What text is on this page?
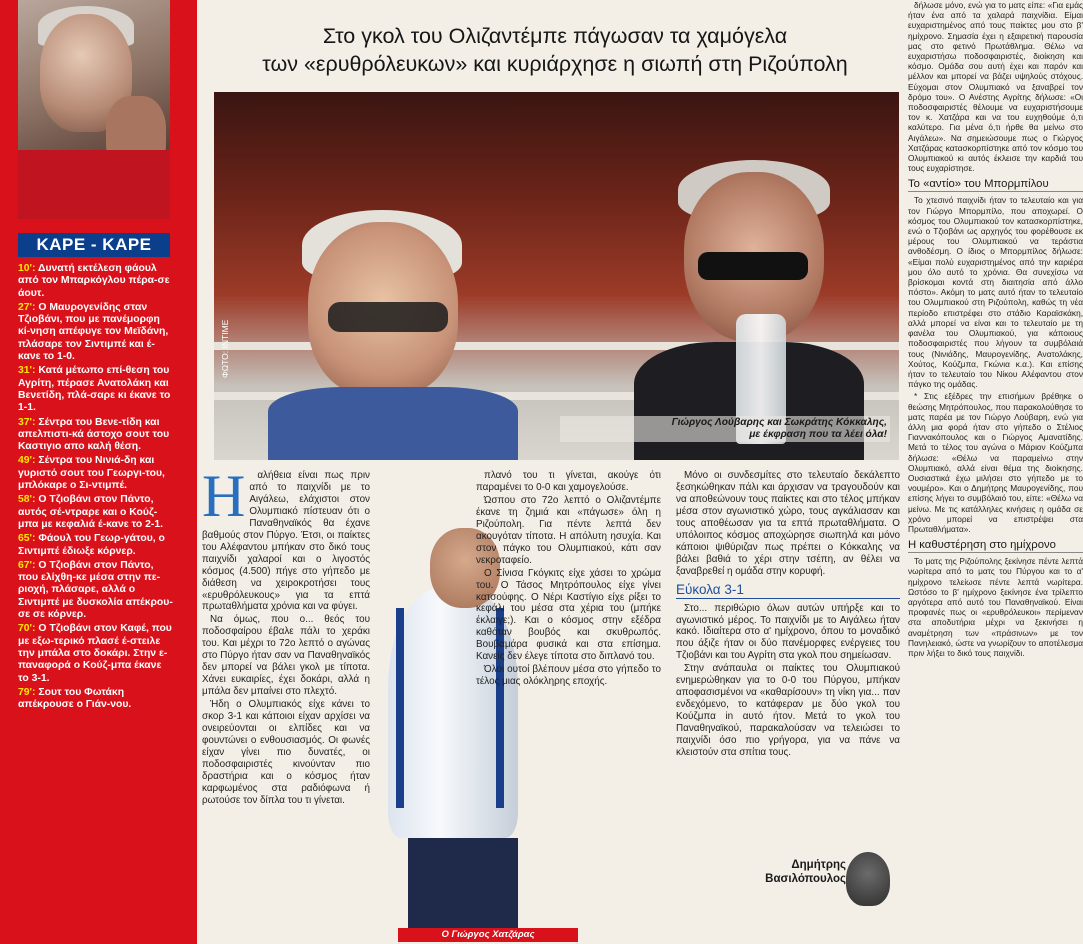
ΚΑΡΕ - ΚΑΡΕ
10': Δυνατή εκτέλεση φάουλ από τον Μπαρκόγλου πέρα-σε άουτ.
27': Ο Μαυρογενίδης σταν Τζιοβάνι, που με πανέμορφη κί-νηση απέφυγε τον Μεϊδάνη, πλάσαρε τον Σιντιμπέ και έ-κανε το 1-0.
31': Κατά μέτωπο επί-θεση του Αγρίτη, πέρασε Ανατολάκη και Βενετίδη, πλά-σαρε κι έκανε το 1-1.
37': Σέντρα του Βενε-τίδη και απελπιστι-κά άστοχο σουτ του Καστιγιο απο καλή θέση.
49': Σέντρα του Νινιά-δη και γυριστό σουτ του Γεωργι-του, μπλόκαρε ο Σι-ντιμπέ.
58': Ο Τζιοβάνι στον Πάντο, αυτός σέ-ντραρε και ο Κούζ-μπα με κεφαλιά έ-κανε το 2-1.
65': Φάουλ του Γεωρ-γάτου, ο Σιντιμπέ έδιωξε κόρνερ.
67': Ο Τζιοβάνι στον Πάντο, που ελίχθη-κε μέσα στην πε-ριοχή, πλάσαρε, αλλά ο Σιντιμπέ με δυσκολία απέκρου-σε σε κόρνερ.
70': Ο Τζιοβάνι στον Καφέ, που με εξω-τερικό πλασέ έ-στειλε την μπάλα στο δοκάρι. Στην ε-παναφορά ο Κούζ-μπα έκανε το 3-1.
79': Σουτ του Φωτάκη απέκρουσε ο Γιάν-νου.
Στο γκολ του Ολιζαντέμπε πάγωσαν τα χαμόγελα
των «ερυθρόλευκων» και κυριάρχησε η σιωπή στη Ριζούπολη
ΦΩΤΟ: INTIME
Γιώργος Λούβαρης και Σωκράτης Κόκκαλης,
με έκφραση που τα λέει όλα!
Η	αλήθεια είναι πως πριν από το παιχνίδι με το Αιγάλεω, ελάχιστοι στον Ολυμπιακό πίστευαν ότι ο Παναθηναϊκός θα έχανε βαθμούς στον Πύργο. Έτσι, οι παίκτες του Αλέφαντου μπήκαν στο δικό τους παιχνίδι χαλαροί και ο λιγοστός κόσμος (4.500) πήγε στο γήπεδο με διάθεση να χειροκροτήσει τους «ερυθρόλευκους» για τα επτά πρωταθλήματα χρόνια και να φύγει.

Να όμως, που ο... θεός του ποδοσφαίρου έβαλε πάλι το χεράκι του. Και μέχρι το 72ο λεπτό ο αγώνας στο Πύργο ήταν σαν να Παναθηναϊκός δεν μπορεί να βάλει γκολ με τίποτα. Χάνει ευκαιρίες, έχει δοκάρι, αλλά η μπάλα δεν μπαίνει στο πλεχτό.

Ήδη ο Ολυμπιακός είχε κάνει το σκορ 3-1 και κάποιοι είχαν αρχίσει να ονειρεύονται οι ελπίδες και να φουντώνει ο ενθουσιασμός. Οι φωνές είχαν γίνει πιο δυνατές, οι ποδοσφαιριστές κινούνταν πιο δραστήρια και ο κόσμος ήταν καρφωμένος στα ραδιόφωνα ή ρωτούσε τον δίπλα του τι γίνεται.

Ο Γιώργος Χατζάρας

πλανό του τι γίνεται, ακούγε ότι παραμένει το 0-0 και χαμογελούσε.

Ώσπου στο 72ο λεπτό ο Ολιζαντέμπε έκανε τη ζημιά και «πάγωσε» όλη η Ριζούπολη. Για πέντε λεπτά δεν ακουγόταν τίποτα. Η απόλυτη ησυχία. Και στον πάγκο του Ολυμπιακού, κάτι σαν νεκροταφείο.

Ο Σίνισα Γκόγκιτς είχε χάσει το χρώμα του. Ο Τάσος Μητρόπουλος είχε γίνει κατσούφης. Ο Νέρι Καστίγιο είχε ρίξει το κεφάλι του μέσα στα χέρια του (μπήκε έκλαιγε;). Και ο κόσμος στην εξέδρα καθόταν βουβός και σκυθρωπός. Βουβαμάρα φυσικά και στα επίσημα. Κανείς δεν έλεγε τίποτα στο διπλανό του.

Όλοι ουτοί βλέπουν μέσα στο γήπεδο το τέλος μιας ολόκληρης εποχής.

Μόνο οι συνδεσμίτες στο τελευταίο δεκάλεπτο ξεσηκώθηκαν πάλι και άρχισαν να τραγουδούν και να αποθεώνουν τους παίκτες και στο τέλος μπήκαν μέσα στον αγωνιστικό χώρο, τους αγκάλιασαν και τους αποθέωσαν για τα επτά πρωταθλήματα. Ο υπόλοιπος κόσμος αποχώρησε σιωπηλά και μόνο κάποιοι ψιθύριζαν πως πρέπει ο Κόκκαλης να βάλει βαθιά το χέρι στην τσέπη, αν θέλει να ξαναβρεθεί η ομάδα στην κορυφή.

Εύκολα 3-1

Στο... περιθώριο όλων αυτών υπήρξε και το αγωνιστικό μέρος. Το παιχνίδι με το Αιγάλεω ήταν κακό. Ιδιαίτερα στο α' ημίχρονο, όπου το μοναδικό που άξιζε ήταν οι δύο πανέμορφες ενέργειες του Τζιοβάνι και του Αγρίτη στα γκολ που σημείωσαν.

Στην ανάπαυλα οι παίκτες του Ολυμπιακού ενημερώθηκαν για το 0-0 του Πύργου, μπήκαν αποφασισμένοι να «καθαρίσουν» τη νίκη για... παν ενδεχόμενο, το κατάφεραν με δύο γκολ του Κούζμπα in αυτό ήτον. Μετά το γκολ του Παναθηναϊκού, παρακαλούσαν να τελειώσει το παιχνίδι όσο πιο γρήγορα, για να πάνε να κλειστούν στα σπίτια τους.

Δημήτρης
Βασιλόπουλος

δήλωσε μόνο, ενώ για το ματς είπε: «Για εμάς ήταν ένα από τα χαλαρά παιχνίδια. Είμαι ευχαριστημένος από τους παίκτες μου στο β' ημίχρονο. Σημασία έχει η εξαιρετική παρουσία μας στο φετινό Πρωτάθλημα. Θέλω να ευχαριστήσω ποδοσφαιριστές, διοίκηση και κόσμο. Ομάδα σου αυτή έχει και παρόν και μέλλον και μπορεί να βάζει υψηλούς στόχους. Εύχομαι στον Ολυμπιακό να ξαναβρεί τον δρόμο του». Ο Ανέστης Αγρίτης δήλωσε: «Οι ποδοσφαιριστές θέλουμε να ευχαριστήσουμε τον κ. Χατζάρα και να του ευχηθούμε ό,τι καλύτερο. Για μένα ό,τι ήρθε θα μείνω στο Αιγάλεω». Να σημειώσουμε πως ο Γιώργος Χατζάρας κατασκορπίστηκε από τον κόσμο του Ολυμπιακού κι αυτός έκλεισε την καρδιά του τους ευχαρίστησε.

Το «αντίο» του Μπορμπίλου

Το χτεσινό παιχνίδι ήταν το τελευταίο και για τον Γιώργο Μπορμπίλο, που αποχωρεί. Ο κόσμος του Ολυμπιακού τον κατασκορπίστηκε, ενώ ο Τζιοβάνι ως αρχηγός του φορέθουσε εκ μέρους του Ολυμπιακού να τεράστια ανθοδέσμη. Ο ίδιος ο Μπορμπίλος δήλωσε: «Είμαι πολύ ευχαριστημένος από την καριέρα μου όλο αυτό το χρόνια. Θα συνεχίσω να βρίσκομαι κοντά στη διαιτησία από άλλο πόστο». Ακόμη το ματς αυτό ήταν το τελευταίο του Ολυμπιακού στη Ριζούπολη, καθώς τη νέα περίοδο επιστρέφει στο στάδιο Καραϊσκάκη, αλλά μπορεί να είναι και το τελευταίο με τη φανέλα του Ολυμπιακού, για κάποιους ποδοσφαιριστές που λήγουν τα συμβόλαιά τους (Νινιάδης, Μαυρογενίδης, Ανατολάκης, Χούτος, Κούζμπα, Γκώνια κ.α.). Και επίσης ήταν το τελευταίο του Νίκου Αλέφαντου στον πάγκο της ομάδας.

* Στις εξέδρες την επισήμων βρέθηκε ο θεώσης Μητρόπουλος, που παρακολούθησε το ματς παρέα με τον Γιώργο Λούβαρη, ενώ για άλλη μια φορά ήταν στο γήπεδο ο Στέλιος Γιαννακόπουλος και ο Γιώργος Αμανατίδης. Μετά το τέλος του αγώνα ο Μάριον Κούζμπα δήλωσε: «Θέλω να παραμείνω στην Ολυμπιακό, αλλά είναι θέμα της διοίκησης. Ουσιαστικά έχω μιλήσει στο γήπεδο με το νουμέρο». Και ο Δημήτρης Μαυρογενίδης, που επίσης λήγει το συμβόλαιό του, είπε: «Θέλω να μείνω. Με τις κατάλληλες κινήσεις η ομάδα σε χρόνο μπορεί να επιστρέψει στα Πρωταθλήματα».

Η καθυστέρηση στο ημίχρονο

Το ματς της Ριζούπολης ξεκίνησε πέντε λεπτά νωρίτερα από το ματς του Πύργου και το α' ημίχρονο τελείωσε πέντε λεπτά νωρίτερα. Ωστόσο το β' ημίχρονο ξεκίνησε ένα τρίλεπτο αργότερα από αυτό του Παναθηναϊκού. Είναι προφανές πως οι «ερυθρόλευκοι» περίμεναν στα αποδυτήρια μέχρι να ξεκινήσει η αναμέτρηση των «πράσινων» με τον Πανηλειακό, ώστε να γνωρίζουν το αποτέλεσμα πριν λήξει το δικό τους παιχνίδι.
